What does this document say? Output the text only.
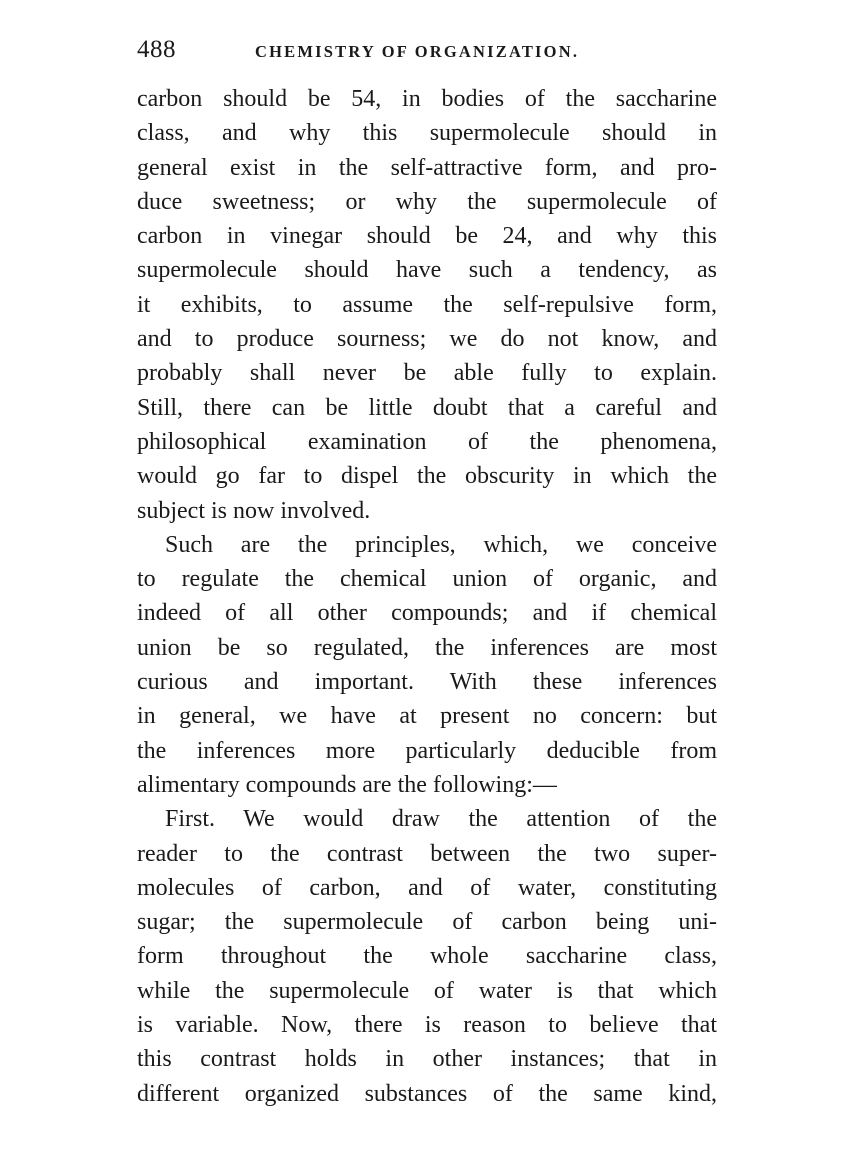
488	CHEMISTRY OF ORGANIZATION.
carbon should be 54, in bodies of the saccharine
class, and why this supermolecule should in
general exist in the self-attractive form, and pro-
duce sweetness; or why the supermolecule of
carbon in vinegar should be 24, and why this
supermolecule should have such a tendency, as
it exhibits, to assume the self-repulsive form,
and to produce sourness; we do not know, and
probably shall never be able fully to explain.
Still, there can be little doubt that a careful and
philosophical examination of the phenomena,
would go far to dispel the obscurity in which the
subject is now involved.
Such are the principles, which, we conceive
to regulate the chemical union of organic, and
indeed of all other compounds; and if chemical
union be so regulated, the inferences are most
curious and important. With these inferences
in general, we have at present no concern: but
the inferences more particularly deducible from
alimentary compounds are the following:—
First. We would draw the attention of the
reader to the contrast between the two super-
molecules of carbon, and of water, constituting
sugar; the supermolecule of carbon being uni-
form throughout the whole saccharine class,
while the supermolecule of water is that which
is variable. Now, there is reason to believe that
this contrast holds in other instances; that in
different organized substances of the same kind,
